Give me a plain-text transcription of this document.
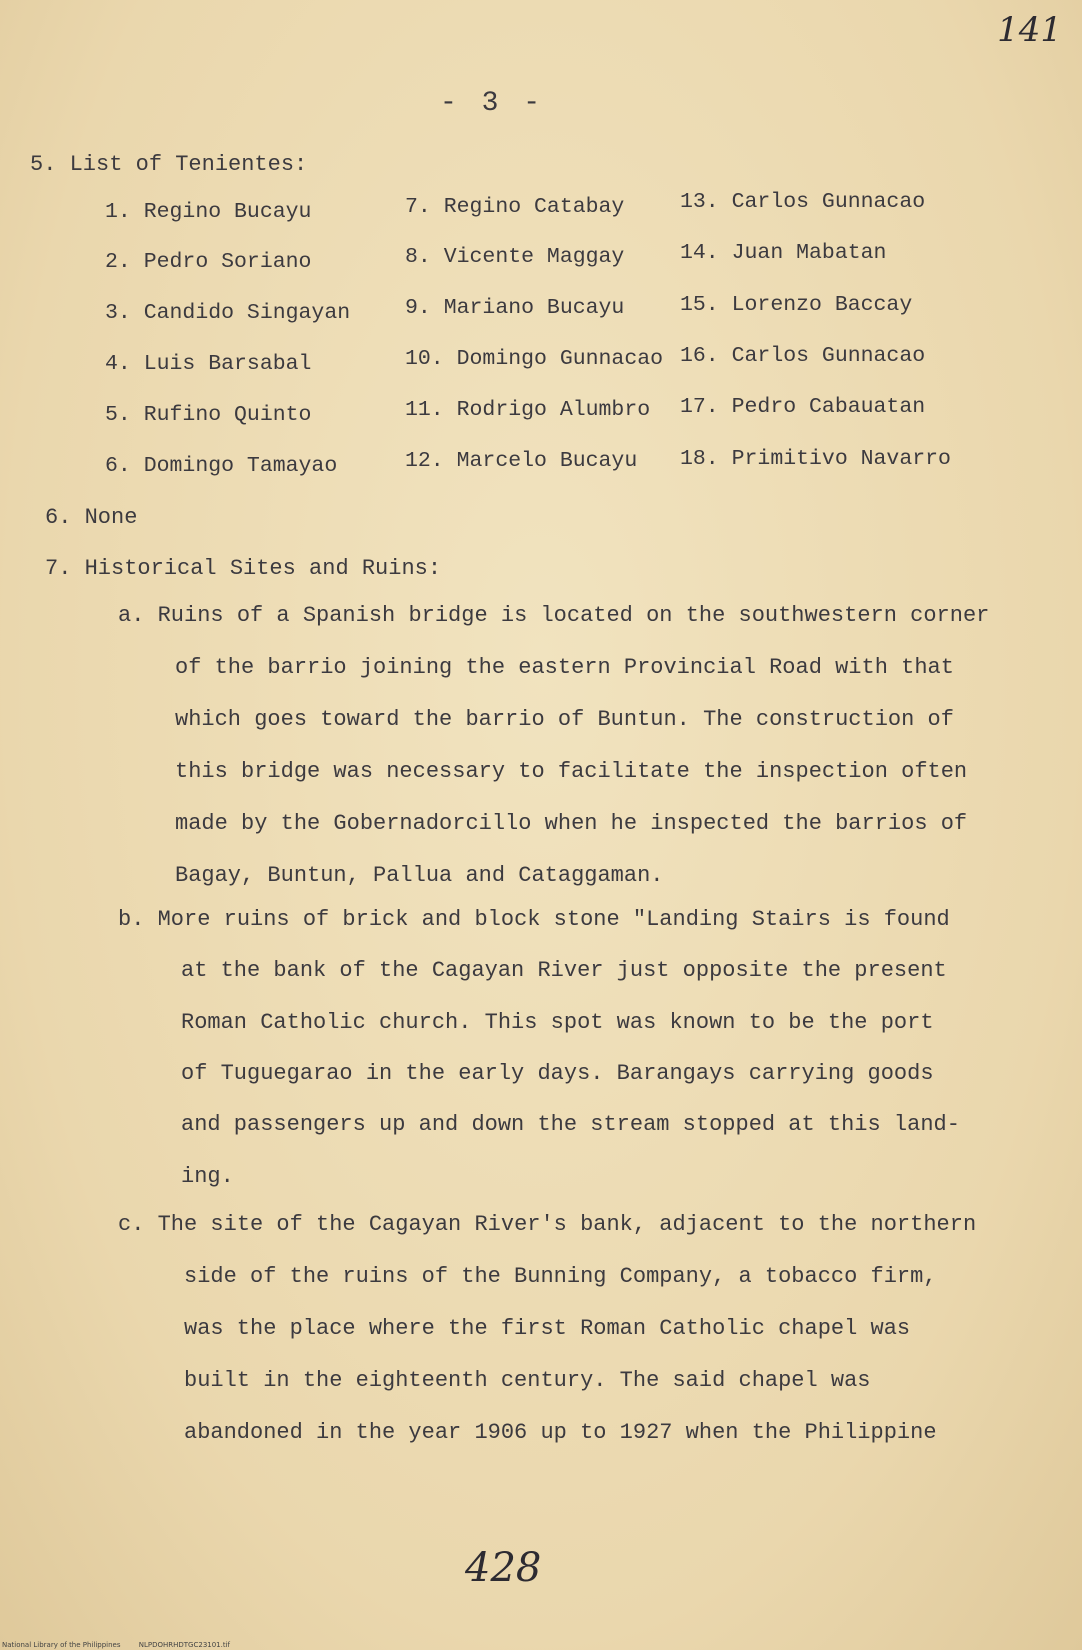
141
- 3 -
5. List of Tenientes:
1. Regino Bucayu
2. Pedro Soriano
3. Candido Singayan
4. Luis Barsabal
5. Rufino Quinto
6. Domingo Tamayao
7. Regino Catabay
8. Vicente Maggay
9. Mariano Bucayu
10. Domingo Gunnacao
11. Rodrigo Alumbro
12. Marcelo Bucayu
13. Carlos Gunnacao
14. Juan Mabatan
15. Lorenzo Baccay
16. Carlos Gunnacao
17. Pedro Cabauatan
18. Primitivo Navarro
6. None
7. Historical Sites and Ruins:
a. Ruins of a Spanish bridge is located on the southwestern corner
of the barrio joining the eastern Provincial Road with that
which goes toward the barrio of Buntun. The construction of
this bridge was necessary to facilitate the inspection often
made by the Gobernadorcillo when he inspected the barrios of
Bagay, Buntun, Pallua and Cataggaman.
b. More ruins of brick and block stone "Landing Stairs is found
at the bank of the Cagayan River just opposite the present
Roman Catholic church. This spot was known to be the port
of Tuguegarao in the early days. Barangays carrying goods
and passengers up and down the stream stopped at this land-
ing.
c. The site of the Cagayan River's bank, adjacent to the northern
side of the ruins of the Bunning Company, a tobacco firm,
was the place where the first Roman Catholic chapel was
built in the eighteenth century. The said chapel was
abandoned in the year 1906 up to 1927 when the Philippine
428
National Library of the Philippines	NLPDOHRHDTGC23101.tif
